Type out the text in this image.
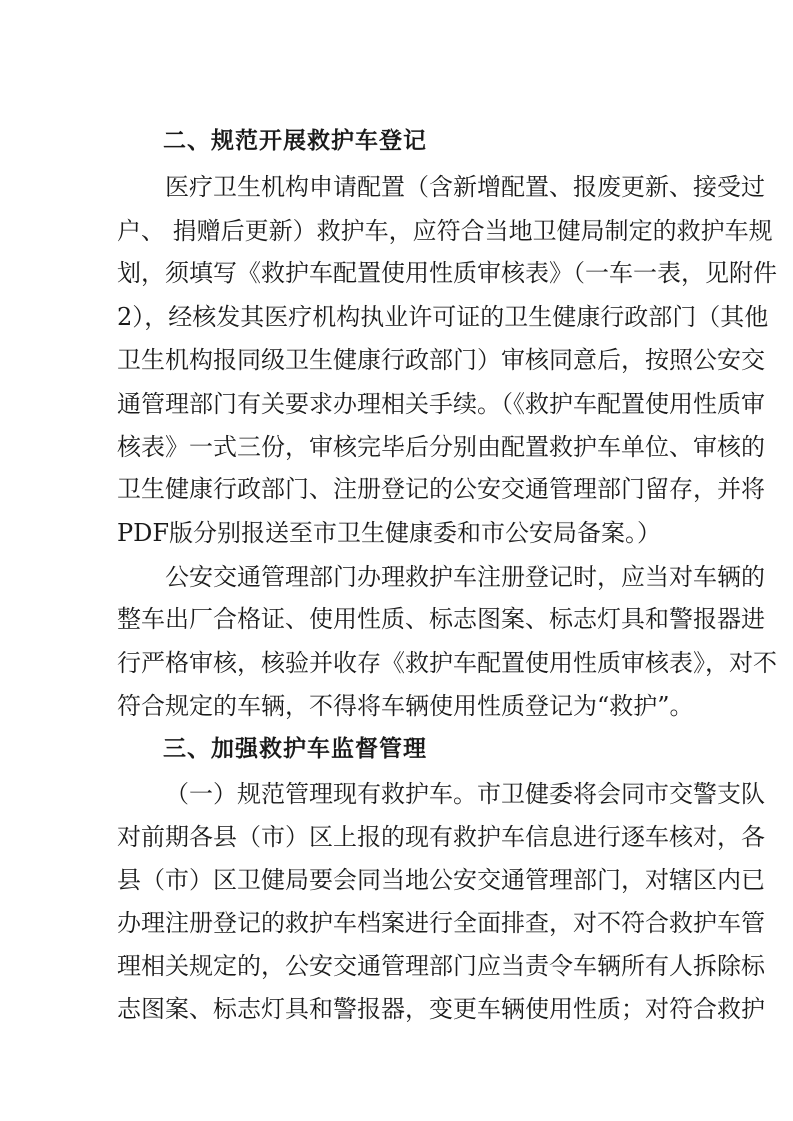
二、规范开展救护车登记
医疗卫生机构申请配置（含新增配置、报废更新、接受过
户、 捐赠后更新）救护车，应符合当地卫健局制定的救护车规
划，须填写《救护车配置使用性质审核表》（一车一表，见附件
2），经核发其医疗机构执业许可证的卫生健康行政部门（其他
卫生机构报同级卫生健康行政部门）审核同意后，按照公安交
通管理部门有关要求办理相关手续。（《救护车配置使用性质审
核表》一式三份，审核完毕后分别由配置救护车单位、审核的
卫生健康行政部门、注册登记的公安交通管理部门留存，并将
PDF版分别报送至市卫生健康委和市公安局备案。）
公安交通管理部门办理救护车注册登记时，应当对车辆的
整车出厂合格证、使用性质、标志图案、标志灯具和警报器进
行严格审核，核验并收存《救护车配置使用性质审核表》，对不
符合规定的车辆，不得将车辆使用性质登记为“救护”。
三、加强救护车监督管理
（一）规范管理现有救护车。市卫健委将会同市交警支队
对前期各县（市）区上报的现有救护车信息进行逐车核对，各
县（市）区卫健局要会同当地公安交通管理部门，对辖区内已
办理注册登记的救护车档案进行全面排查，对不符合救护车管
理相关规定的，公安交通管理部门应当责令车辆所有人拆除标
志图案、标志灯具和警报器，变更车辆使用性质；对符合救护
